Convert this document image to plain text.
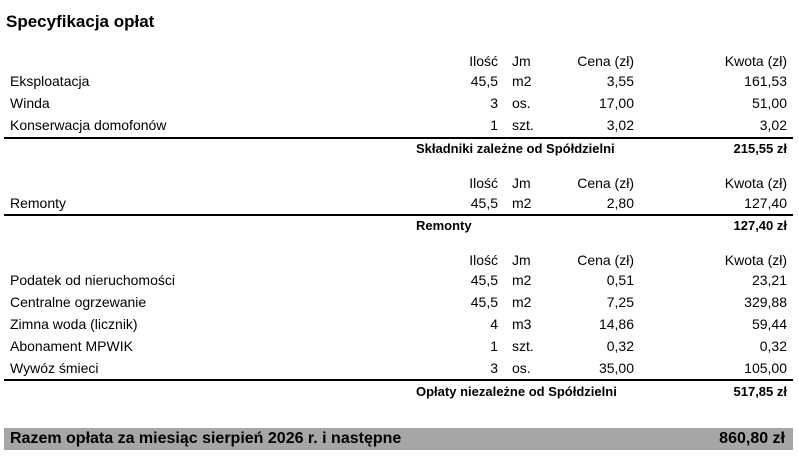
Specyfikacja opłat
Ilość Jm	Cena (zł)	Kwota (zł)
Eksploatacja	45,5 m2	3,55	161,53
Winda	3 os.	17,00	51,00
Konserwacja domofonów	1 szt.	3,02	3,02
Składniki zależne od Spółdzielni	215,55 zł
Ilość Jm	Cena (zł)	Kwota (zł)
Remonty	45,5 m2	2,80	127,40
Remonty	127,40 zł
Ilość Jm	Cena (zł)	Kwota (zł)
Podatek od nieruchomości	45,5 m2	0,51	23,21
Centralne ogrzewanie	45,5 m2	7,25	329,88
Zimna woda (licznik)	4 m3	14,86	59,44
Abonament MPWIK	1 szt.	0,32	0,32
Wywóz śmieci	3 os.	35,00	105,00
Opłaty niezależne od Spółdzielni	517,85 zł
Razem opłata za miesiąc sierpień 2026 r. i następne	860,80 zł
